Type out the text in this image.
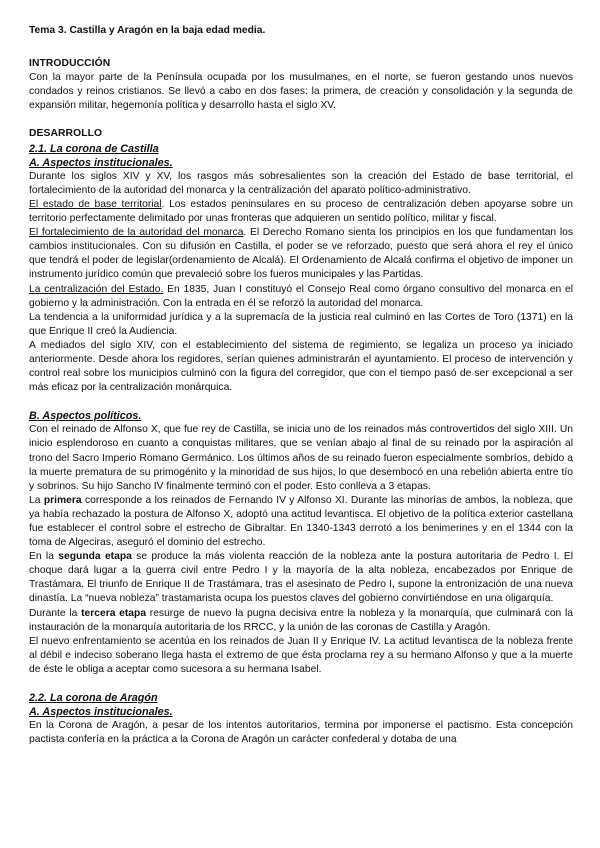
Tema 3. Castilla y Aragón en la baja edad media.
INTRODUCCIÓN

Con la mayor parte de la Península ocupada por los musulmanes, en el norte, se fueron gestando unos nuevos condados y reinos cristianos. Se llevó a cabo en dos fases: la primera, de creación y consolidación y la segunda de expansión militar, hegemonía política y desarrollo hasta el siglo XV.

DESARROLLO
2.1. La corona de Castilla
A. Aspectos institucionales.

Durante los siglos XIV y XV, los rasgos más sobresalientes son la creación del Estado de base territorial, el fortalecimiento de la autoridad del monarca y la centralización del aparato político-administrativo.

El estado de base territorial. Los estados peninsulares en su proceso de centralización deben apoyarse sobre un territorio perfectamente delimitado por unas fronteras que adquieren un sentido político, militar y fiscal.

El fortalecimiento de la autoridad del monarca. El Derecho Romano sienta los principios en los que fundamentan los cambios institucionales. Con su difusión en Castilla, el poder se ve reforzado, puesto que será ahora el rey el único que tendrá el poder de legislar(ordenamiento de Alcalá). El Ordenamiento de Alcalá confirma el objetivo de imponer un instrumento jurídico común que prevaleció sobre los fueros municipales y las Partidas.

La centralización del Estado. En 1835, Juan I constituyó el Consejo Real como órgano consultivo del monarca en el gobierno y la administración. Con la entrada en él se reforzó la autoridad del monarca.

La tendencia a la uniformidad jurídica y a la supremacía de la justicia real culminó en las Cortes de Toro (1371) en la que Enrique II creó la Audiencia.

A mediados del siglo XIV, con el establecimiento del sistema de regimiento, se legaliza un proceso ya iniciado anteriormente. Desde ahora los regidores, serían quienes administrarán el ayuntamiento. El proceso de intervención y control real sobre los municipios culminó con la figura del corregidor, que con el tiempo pasó de ser excepcional a ser más eficaz por la centralización monárquica.

B. Aspectos políticos.

Con el reinado de Alfonso X, que fue rey de Castilla, se inicia uno de los reinados más controvertidos del siglo XIII. Un inicio esplendoroso en cuanto a conquistas militares, que se venían abajo al final de su reinado por la aspiración al trono del Sacro Imperio Romano Germánico. Los últimos años de su reinado fueron especialmente sombríos, debido a la muerte prematura de su primogénito y la minoridad de sus hijos, lo que desembocó en una rebelión abierta entre tío y sobrinos. Su hijo Sancho IV finalmente terminó con el poder. Esto conlleva a 3 etapas.

La primera corresponde a los reinados de Fernando IV y Alfonso XI. Durante las minorías de ambos, la nobleza, que ya había rechazado la postura de Alfonso X, adoptó una actitud levantisca. El objetivo de la política exterior castellana fue establecer el control sobre el estrecho de Gibraltar. En 1340-1343 derrotó a los benimerines y en el 1344 con la toma de Algeciras, aseguró el dominio del estrecho.

En la segunda etapa se produce la más violenta reacción de la nobleza ante la postura autoritaria de Pedro I. El choque dará lugar a la guerra civil entre Pedro I y la mayoría de la alta nobleza, encabezados por Enrique de Trastámara. El triunfo de Enrique II de Trastámara, tras el asesinato de Pedro I, supone la entronización de una nueva dinastía. La “nueva nobleza” trastamarista ocupa los puestos claves del gobierno convirtiéndose en una oligarquía.

Durante la tercera etapa resurge de nuevo la pugna decisiva entre la nobleza y la monarquía, que culminará con la instauración de la monarquía autoritaria de los RRCC, y la unión de las coronas de Castilla y Aragón.

El nuevo enfrentamiento se acentúa en los reinados de Juan II y Enrique IV. La actitud levantisca de la nobleza frente al débil e indeciso soberano llega hasta el extremo de que ésta proclama rey a su hermano Alfonso y que a la muerte de éste le obliga a aceptar como sucesora a su hermana Isabel.

2.2. La corona de Aragón
A. Aspectos institucionales.

En la Corona de Aragón, a pesar de los intentos autoritarios, termina por imponerse el pactismo. Esta concepción pactista confería en la práctica a la Corona de Aragón un carácter confederal y dotaba de una
